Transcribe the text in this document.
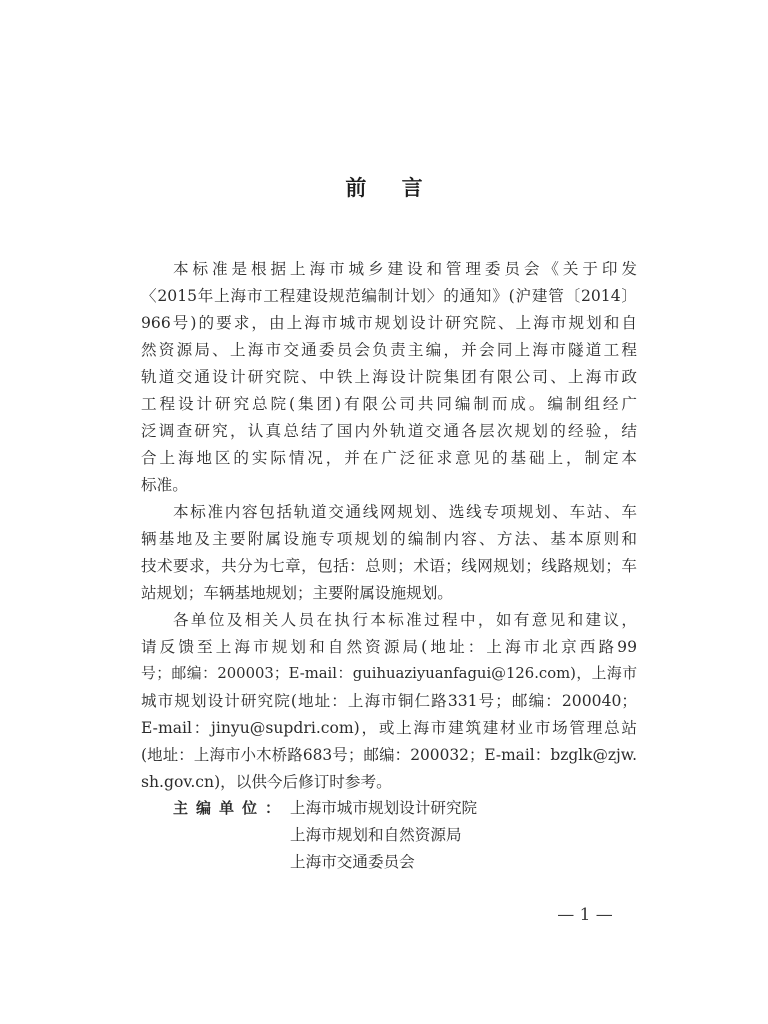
前 言
本标准是根据上海市城乡建设和管理委员会《关于印发
〈2015年上海市工程建设规范编制计划〉的通知》(沪建管〔2014〕
966号)的要求，由上海市城市规划设计研究院、上海市规划和自
然资源局、上海市交通委员会负责主编，并会同上海市隧道工程
轨道交通设计研究院、中铁上海设计院集团有限公司、上海市政
工程设计研究总院(集团)有限公司共同编制而成。编制组经广
泛调查研究，认真总结了国内外轨道交通各层次规划的经验，结
合上海地区的实际情况，并在广泛征求意见的基础上，制定本
标准。
本标准内容包括轨道交通线网规划、选线专项规划、车站、车
辆基地及主要附属设施专项规划的编制内容、方法、基本原则和
技术要求，共分为七章，包括：总则；术语；线网规划；线路规划；车
站规划；车辆基地规划；主要附属设施规划。
各单位及相关人员在执行本标准过程中，如有意见和建议，
请反馈至上海市规划和自然资源局(地址：上海市北京西路99
号；邮编：200003；E-mail：guihuaziyuanfagui@126.com)，上海市
城市规划设计研究院(地址：上海市铜仁路331号；邮编：200040；
E-mail：jinyu@supdri.com)，或上海市建筑建材业市场管理总站
(地址：上海市小木桥路683号；邮编：200032；E-mail：bzglk@zjw.
sh.gov.cn)，以供今后修订时参考。
主编单位： 上海市城市规划设计研究院
上海市规划和自然资源局
上海市交通委员会
— 1 —
